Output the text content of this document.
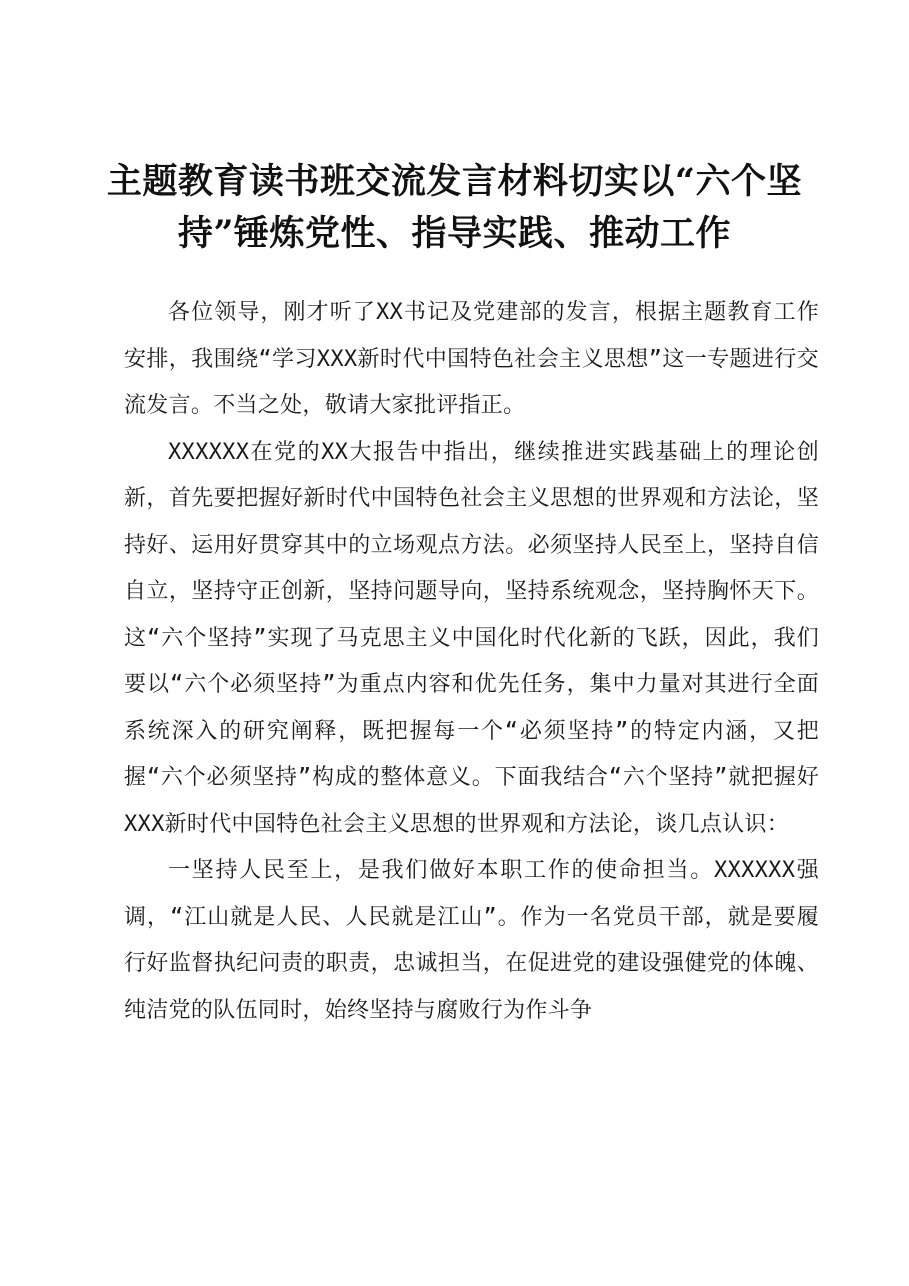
主题教育读书班交流发言材料切实以“六个坚持”锤炼党性、指导实践、推动工作

各位领导，刚才听了XX书记及党建部的发言，根据主题教育工作安排，我围绕“学习XXX新时代中国特色社会主义思想”这一专题进行交流发言。不当之处，敬请大家批评指正。

XXXXXX在党的XX大报告中指出，继续推进实践基础上的理论创新，首先要把握好新时代中国特色社会主义思想的世界观和方法论，坚持好、运用好贯穿其中的立场观点方法。必须坚持人民至上，坚持自信自立，坚持守正创新，坚持问题导向，坚持系统观念，坚持胸怀天下。这“六个坚持”实现了马克思主义中国化时代化新的飞跃，因此，我们要以“六个必须坚持”为重点内容和优先任务，集中力量对其进行全面系统深入的研究阐释，既把握每一个“必须坚持”的特定内涵，又把握“六个必须坚持”构成的整体意义。下面我结合“六个坚持”就把握好XXX新时代中国特色社会主义思想的世界观和方法论，谈几点认识：

一坚持人民至上，是我们做好本职工作的使命担当。XXXXXX强调，“江山就是人民、人民就是江山”。作为一名党员干部，就是要履行好监督执纪问责的职责，忠诚担当，在促进党的建设强健党的体魄、纯洁党的队伍同时，始终坚持与腐败行为作斗争
